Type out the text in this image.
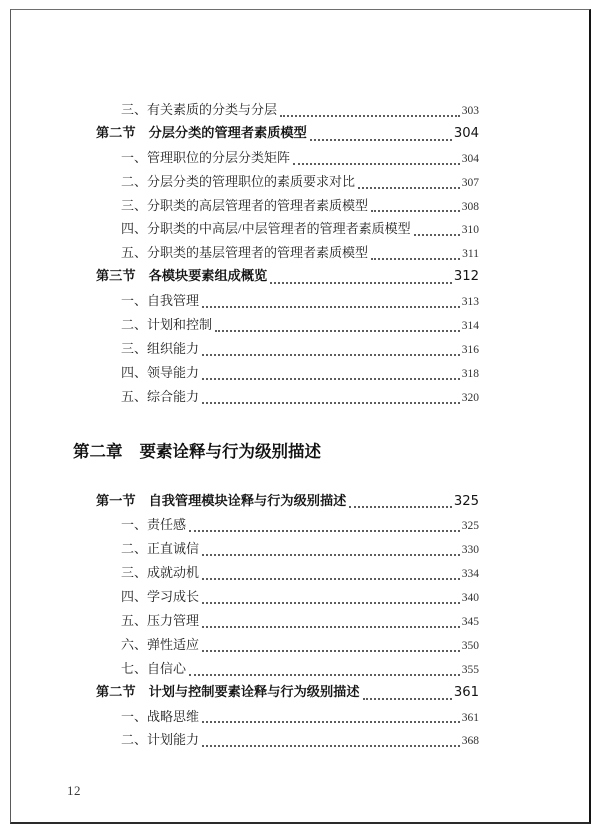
三、有关素质的分类与分层	303
第二节 分层分类的管理者素质模型	304
一、管理职位的分层分类矩阵	304
二、分层分类的管理职位的素质要求对比	307
三、分职类的高层管理者的管理者素质模型	308
四、分职类的中高层/中层管理者的管理者素质模型	310
五、分职类的基层管理者的管理者素质模型	311
第三节 各模块要素组成概览	312
一、自我管理	313
二、计划和控制	314
三、组织能力	316
四、领导能力	318
五、综合能力	320
第二章 要素诠释与行为级别描述
第一节 自我管理模块诠释与行为级别描述	325
一、责任感	325
二、正直诚信	330
三、成就动机	334
四、学习成长	340
五、压力管理	345
六、弹性适应	350
七、自信心	355
第二节 计划与控制要素诠释与行为级别描述	361
一、战略思维	361
二、计划能力	368
12
